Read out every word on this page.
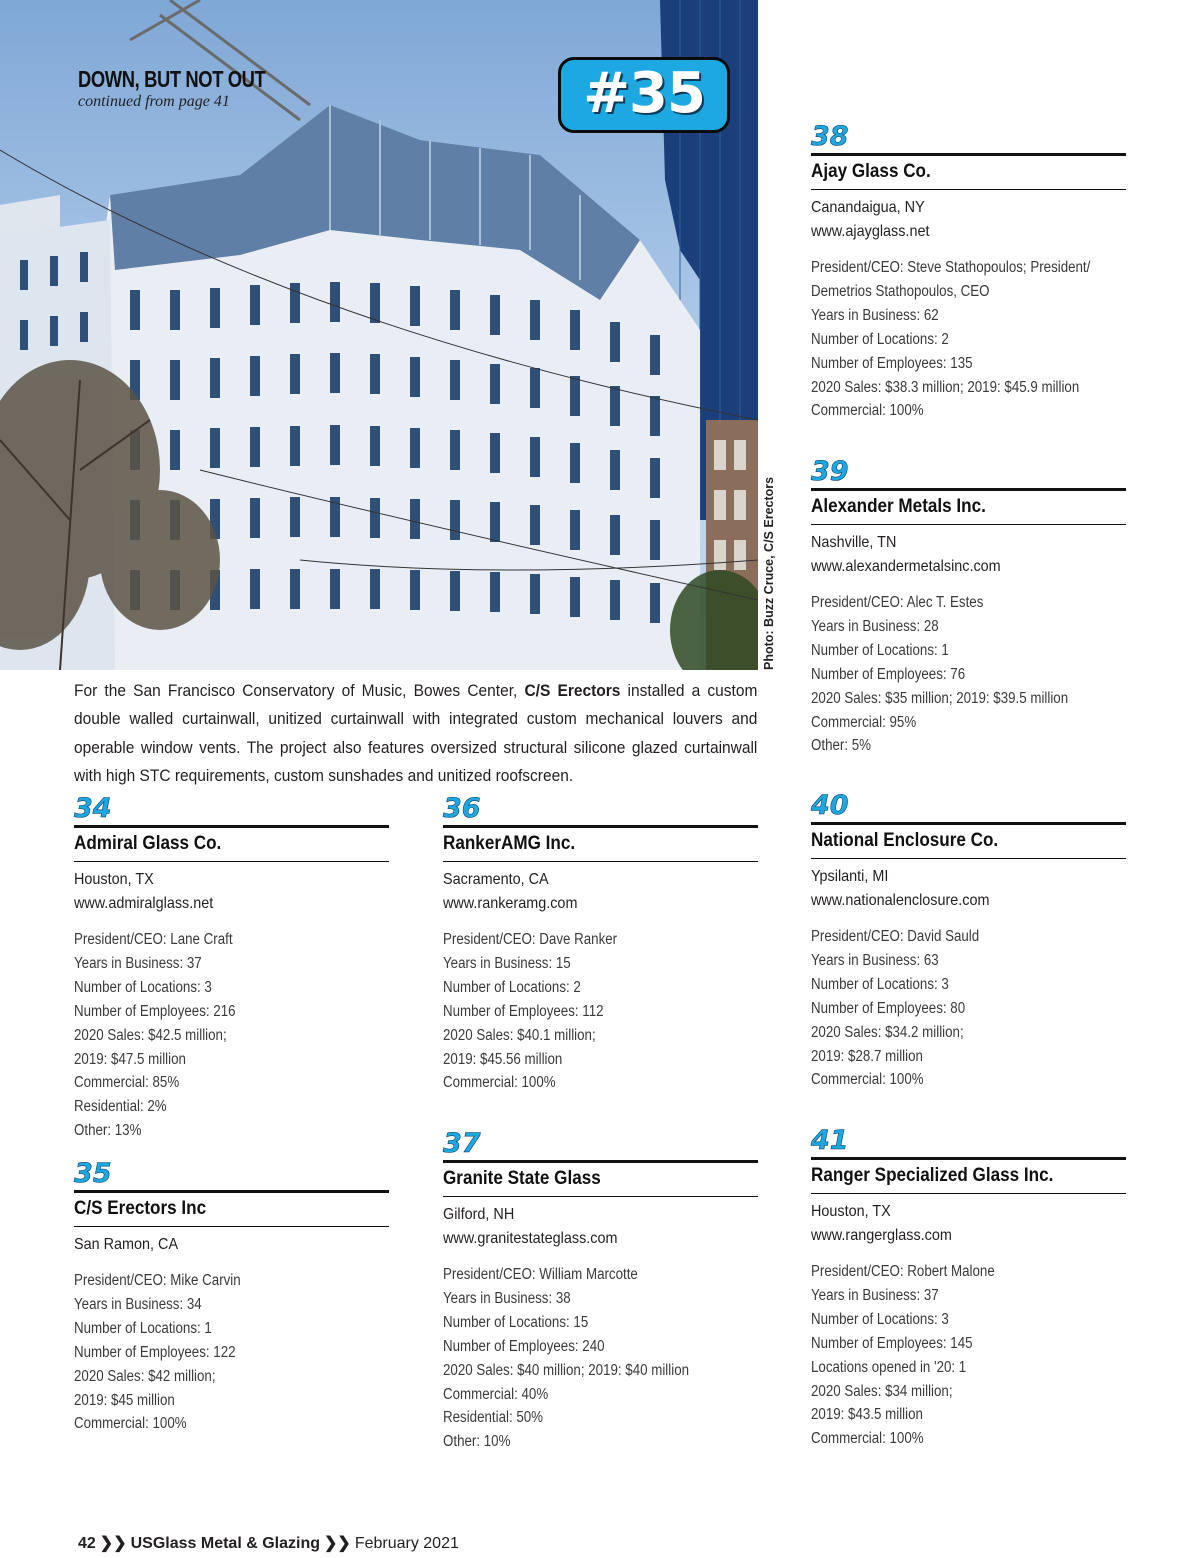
DOWN, BUT NOT OUT
continued from page 41	#35
Photo: Buzz Cruce, C/S Erectors
For the San Francisco Conservatory of Music, Bowes Center, C/S Erectors installed a custom double walled curtainwall, unitized curtainwall with integrated custom mechanical louvers and operable window vents. The project also features oversized structural silicone glazed curtainwall with high STC requirements, custom sunshades and unitized roofscreen.
34
Admiral Glass Co.
Houston, TX
www.admiralglass.net
President/CEO: Lane Craft
Years in Business: 37
Number of Locations: 3
Number of Employees: 216
2020 Sales: $42.5 million;
2019: $47.5 million
Commercial: 85%
Residential: 2%
Other: 13%
35
C/S Erectors Inc
San Ramon, CA
President/CEO: Mike Carvin
Years in Business: 34
Number of Locations: 1
Number of Employees: 122
2020 Sales: $42 million;
2019: $45 million
Commercial: 100%
36
RankerAMG Inc.
Sacramento, CA
www.rankeramg.com
President/CEO: Dave Ranker
Years in Business: 15
Number of Locations: 2
Number of Employees: 112
2020 Sales: $40.1 million;
2019: $45.56 million
Commercial: 100%
37
Granite State Glass
Gilford, NH
www.granitestateglass.com
President/CEO: William Marcotte
Years in Business: 38
Number of Locations: 15
Number of Employees: 240
2020 Sales: $40 million; 2019: $40 million
Commercial: 40%
Residential: 50%
Other: 10%
38
Ajay Glass Co.
Canandaigua, NY
www.ajayglass.net
President/CEO: Steve Stathopoulos; President/
Demetrios Stathopoulos, CEO
Years in Business: 62
Number of Locations: 2
Number of Employees: 135
2020 Sales: $38.3 million; 2019: $45.9 million
Commercial: 100%
39
Alexander Metals Inc.
Nashville, TN
www.alexandermetalsinc.com
President/CEO: Alec T. Estes
Years in Business: 28
Number of Locations: 1
Number of Employees: 76
2020 Sales: $35 million; 2019: $39.5 million
Commercial: 95%
Other: 5%
40
National Enclosure Co.
Ypsilanti, MI
www.nationalenclosure.com
President/CEO: David Sauld
Years in Business: 63
Number of Locations: 3
Number of Employees: 80
2020 Sales: $34.2 million;
2019: $28.7 million
Commercial: 100%
41
Ranger Specialized Glass Inc.
Houston, TX
www.rangerglass.com
President/CEO: Robert Malone
Years in Business: 37
Number of Locations: 3
Number of Employees: 145
Locations opened in '20: 1
2020 Sales: $34 million;
2019: $43.5 million
Commercial: 100%
42 ❯❯ USGlass Metal & Glazing ❯❯ February 2021
